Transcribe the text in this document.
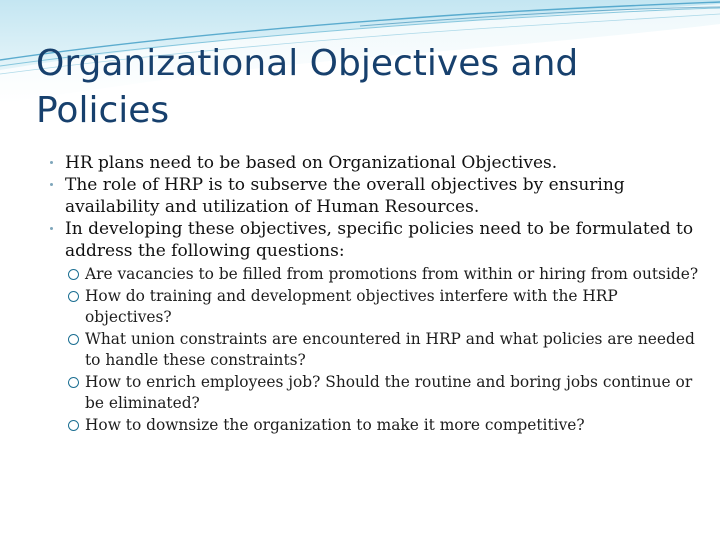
Organizational Objectives and Policies
HR plans need to be based on Organizational Objectives.
The role of HRP is to subserve the overall objectives by ensuring availability and utilization of Human Resources.
In developing these objectives, specific policies need to be formulated to address the following questions:
Are vacancies to be filled from promotions from within or hiring from outside?
How do training and development objectives interfere with the HRP objectives?
What union constraints are encountered in HRP and what policies are needed to handle these constraints?
How to enrich employees job? Should the routine and boring jobs continue or be eliminated?
How to downsize the organization to make it more competitive?
